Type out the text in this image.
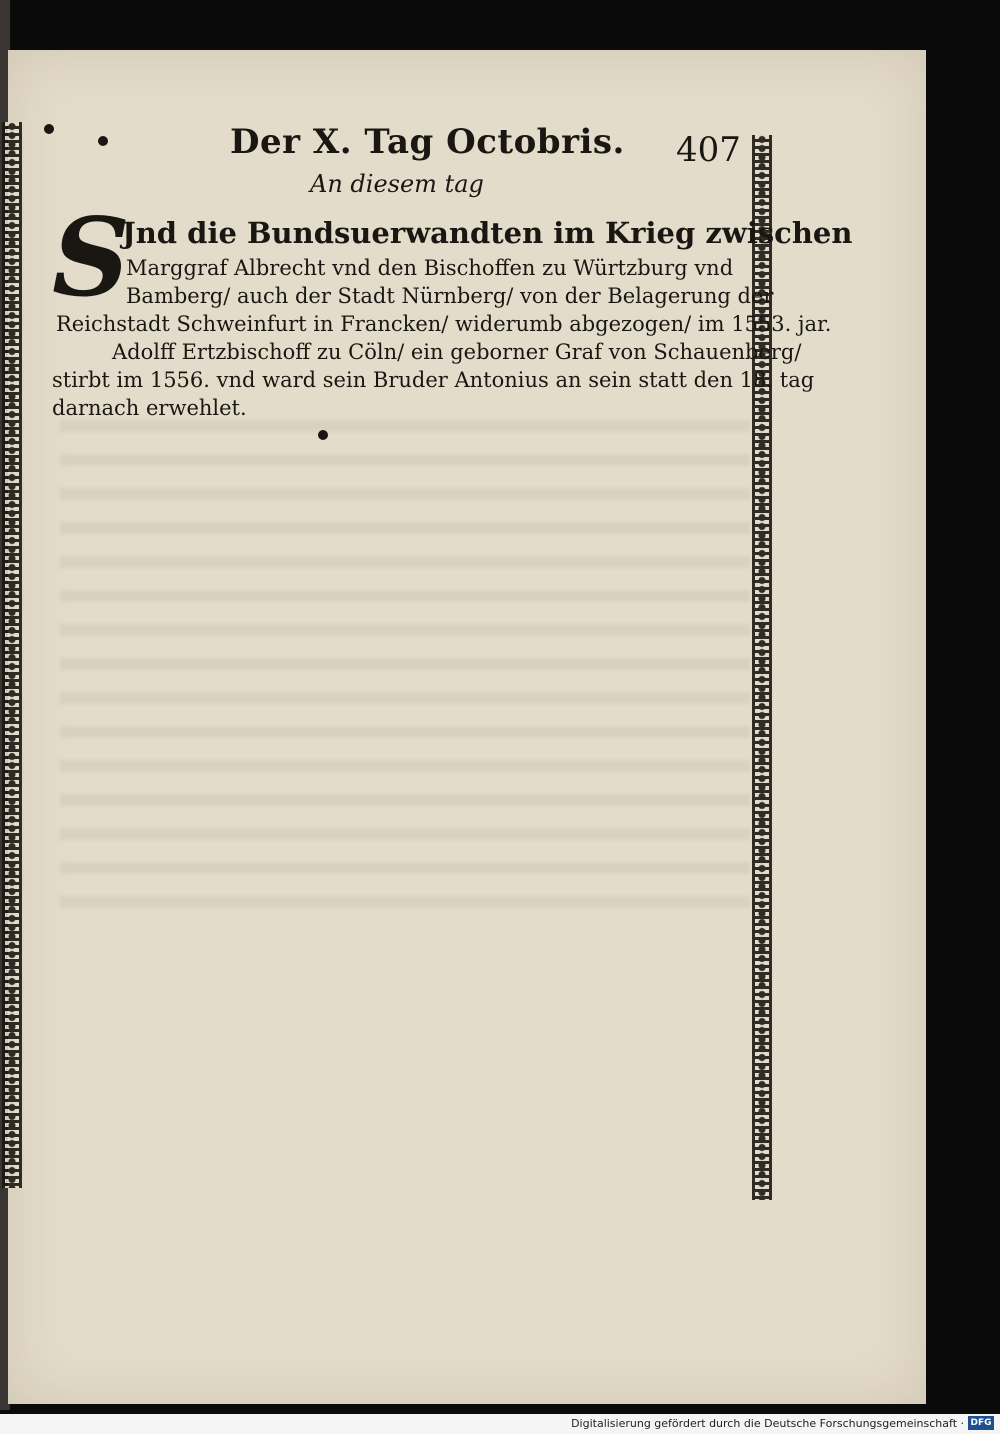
Der X. Tag Octobris. 407
An diesem tag
S
Jnd die Bundsuerwandten im Krieg zwischen
Marggraf Albrecht vnd den Bischoffen zu Würtzburg vnd
Bamberg/ auch der Stadt Nürnberg/ von der Belagerung der
Reichstadt Schweinfurt in Francken/ widerumb abgezogen/ im 1553. jar.
Adolff Ertzbischoff zu Cöln/ ein geborner Graf von Schauenberg/
stirbt im 1556. vnd ward sein Bruder Antonius an sein statt den 18. tag
darnach erwehlet.
Digitalisierung gefördert durch die Deutsche Forschungsgemeinschaft · DFG
